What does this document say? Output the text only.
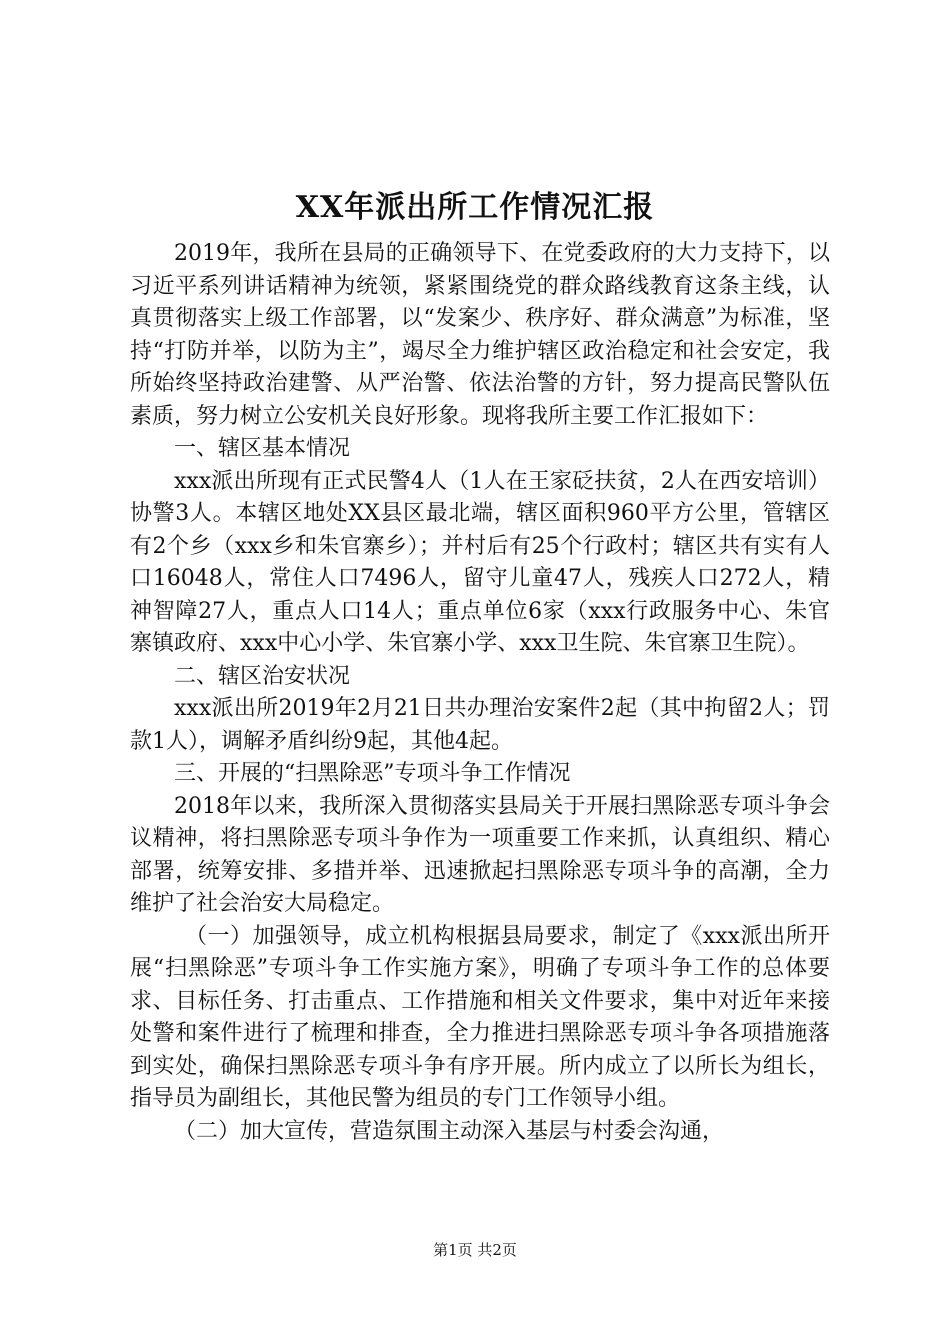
XX年派出所工作情况汇报

2019年，我所在县局的正确领导下、在党委政府的大力支持下，以习近平系列讲话精神为统领，紧紧围绕党的群众路线教育这条主线，认真贯彻落实上级工作部署，以“发案少、秩序好、群众满意”为标准，坚持“打防并举，以防为主”，竭尽全力维护辖区政治稳定和社会安定，我所始终坚持政治建警、从严治警、依法治警的方针，努力提高民警队伍素质，努力树立公安机关良好形象。现将我所主要工作汇报如下：

一、辖区基本情况

xxx派出所现有正式民警4人（1人在王家砭扶贫，2人在西安培训）协警3人。本辖区地处XX县区最北端，辖区面积960平方公里，管辖区有2个乡（xxx乡和朱官寨乡）；并村后有25个行政村；辖区共有实有人口16048人，常住人口7496人，留守儿童47人，残疾人口272人，精神智障27人，重点人口14人；重点单位6家（xxx行政服务中心、朱官寨镇政府、xxx中心小学、朱官寨小学、xxx卫生院、朱官寨卫生院）。

二、辖区治安状况

xxx派出所2019年2月21日共办理治安案件2起（其中拘留2人；罚款1人），调解矛盾纠纷9起，其他4起。

三、开展的“扫黑除恶”专项斗争工作情况

2018年以来，我所深入贯彻落实县局关于开展扫黑除恶专项斗争会议精神，将扫黑除恶专项斗争作为一项重要工作来抓，认真组织、精心部署，统筹安排、多措并举、迅速掀起扫黑除恶专项斗争的高潮，全力维护了社会治安大局稳定。

（一）加强领导，成立机构根据县局要求，制定了《xxx派出所开展“扫黑除恶”专项斗争工作实施方案》，明确了专项斗争工作的总体要求、目标任务、打击重点、工作措施和相关文件要求，集中对近年来接处警和案件进行了梳理和排查，全力推进扫黑除恶专项斗争各项措施落到实处，确保扫黑除恶专项斗争有序开展。所内成立了以所长为组长，指导员为副组长，其他民警为组员的专门工作领导小组。

（二）加大宣传，营造氛围主动深入基层与村委会沟通，

第1页 共2页
